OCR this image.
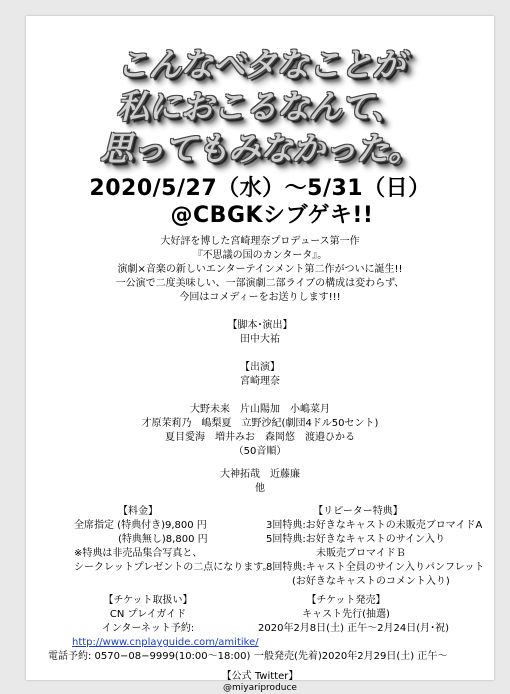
こんなベタなことが
私におこるなんて、
思ってもみなかった。
2020/5/27（水）〜5/31（日）
@CBGKシブゲキ!!
大好評を博した宮崎理奈プロデュース第一作
『不思議の国のカンタータ』。
演劇×音楽の新しいエンターテインメント第二作がついに誕生!!
一公演で二度美味しい、一部演劇二部ライブの構成は変わらず、
今回はコメディーをお送りします!!!
【脚本･演出】
田中大祐
【出演】
宮崎理奈
大野未来　片山陽加　小嶋菜月
才原茉莉乃　嶋梨夏　立野沙紀(劇団4ドル50セント)
夏目愛海　増井みお　森岡悠　渡邉ひかる
（50音順）
大神拓哉　近藤廉
他
【料金】
全席指定 (特典付き)9,800 円
(特典無し)8,800 円
※特典は非売品集合写真と、
シークレットプレゼントの二点になります。
【リピーター特典】
3回特典:お好きなキャストの未販売ブロマイドA
5回特典:お好きなキャストのサイン入り
未販売ブロマイドＢ
8回特典:キャスト全員のサイン入りパンフレット
(お好きなキャストのコメント入り)
【チケット取扱い】
CN プレイガイド
インターネット予約:
http://www.cnplayguide.com/amitike/
電話予約: 0570−08−9999(10:00〜18:00)
【チケット発売】
キャスト先行(抽選)
2020年2月8日(土) 正午〜2月24日(月･祝)
一般発売(先着)2020年2月29日(土) 正午〜
【公式 Twitter】
@miyariproduce
